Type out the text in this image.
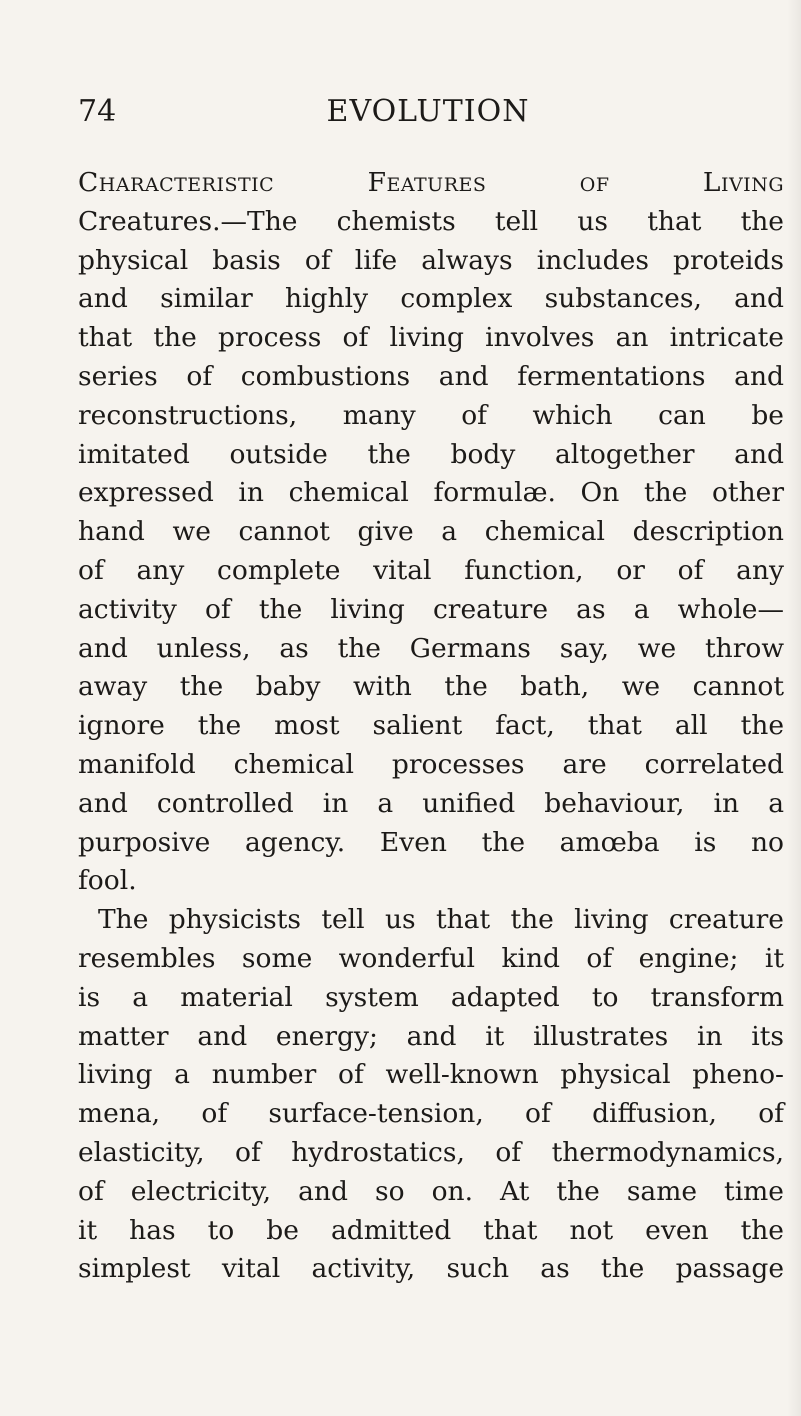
74	EVOLUTION
Characteristic Features of Living
Creatures.—The chemists tell us that the
physical basis of life always includes proteids
and similar highly complex substances, and
that the process of living involves an intricate
series of combustions and fermentations and
reconstructions, many of which can be
imitated outside the body altogether and
expressed in chemical formulæ. On the other
hand we cannot give a chemical description
of any complete vital function, or of any
activity of the living creature as a whole—
and unless, as the Germans say, we throw
away the baby with the bath, we cannot
ignore the most salient fact, that all the
manifold chemical processes are correlated
and controlled in a unified behaviour, in a
purposive agency. Even the amœba is no
fool.
The physicists tell us that the living creature
resembles some wonderful kind of engine; it
is a material system adapted to transform
matter and energy; and it illustrates in its
living a number of well-known physical pheno-
mena, of surface-tension, of diffusion, of
elasticity, of hydrostatics, of thermodynamics,
of electricity, and so on. At the same time
it has to be admitted that not even the
simplest vital activity, such as the passage
